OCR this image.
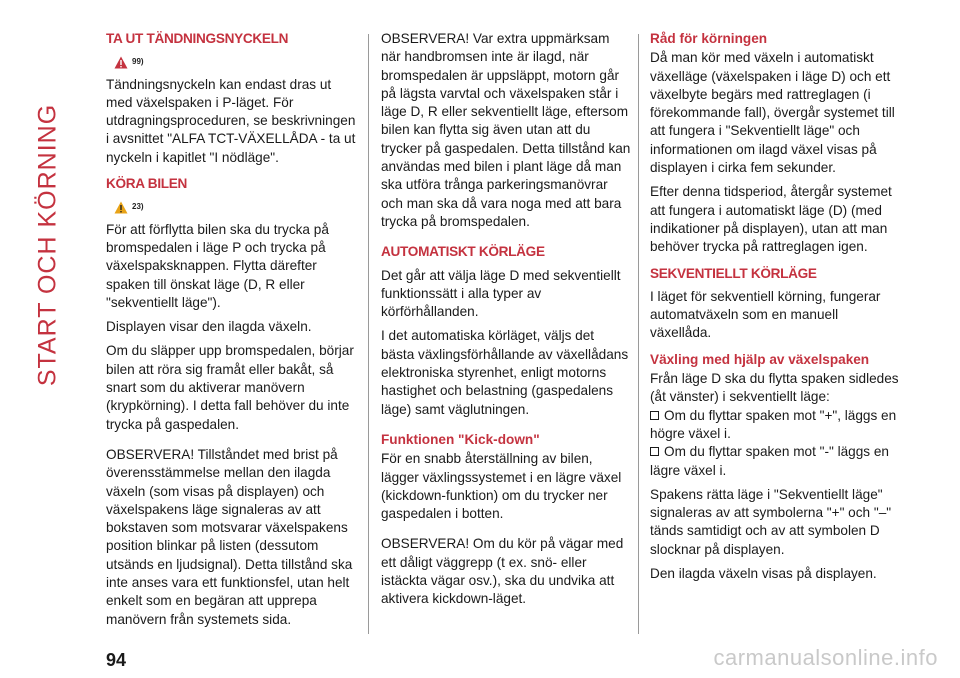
START OCH KÖRNING
TA UT TÄNDNINGSNYCKELN
99)

Tändningsnyckeln kan endast dras ut med växelspaken i P-läget. För utdragningsproceduren, se beskrivningen i avsnittet "ALFA TCT-VÄXELLÅDA - ta ut nyckeln i kapitlet "I nödläge".

KÖRA BILEN
23)

För att förflytta bilen ska du trycka på bromspedalen i läge P och trycka på växelspaksknappen. Flytta därefter spaken till önskat läge (D, R eller "sekventiellt läge").

Displayen visar den ilagda växeln.

Om du släpper upp bromspedalen, börjar bilen att röra sig framåt eller bakåt, så snart som du aktiverar manövern (krypkörning). I detta fall behöver du inte trycka på gaspedalen.

OBSERVERA! Tillståndet med brist på överensstämmelse mellan den ilagda växeln (som visas på displayen) och växelspakens läge signaleras av att bokstaven som motsvarar växelspakens position blinkar på listen (dessutom utsänds en ljudsignal). Detta tillstånd ska inte anses vara ett funktionsfel, utan helt enkelt som en begäran att upprepa manövern från systemets sida.

OBSERVERA! Var extra uppmärksam när handbromsen inte är ilagd, när bromspedalen är uppsläppt, motorn går på lägsta varvtal och växelspaken står i läge D, R eller sekventiellt läge, eftersom bilen kan flytta sig även utan att du trycker på gaspedalen. Detta tillstånd kan användas med bilen i plant läge då man ska utföra trånga parkeringsmanövrar och man ska då vara noga med att bara trycka på bromspedalen.

AUTOMATISKT KÖRLÄGE

Det går att välja läge D med sekventiellt funktionssätt i alla typer av körförhållanden.

I det automatiska körläget, väljs det bästa växlingsförhållande av växellådans elektroniska styrenhet, enligt motorns hastighet och belastning (gaspedalens läge) samt väglutningen.

Funktionen "Kick-down"

För en snabb återställning av bilen, lägger växlingssystemet i en lägre växel (kickdown-funktion) om du trycker ner gaspedalen i botten.

OBSERVERA! Om du kör på vägar med ett dåligt väggrepp (t ex. snö- eller istäckta vägar osv.), ska du undvika att aktivera kickdown-läget.

Råd för körningen

Då man kör med växeln i automatiskt växelläge (växelspaken i läge D) och ett växelbyte begärs med rattreglagen (i förekommande fall), övergår systemet till att fungera i "Sekventiellt läge" och informationen om ilagd växel visas på displayen i cirka fem sekunder.

Efter denna tidsperiod, återgår systemet att fungera i automatiskt läge (D) (med indikationer på displayen), utan att man behöver trycka på rattreglagen igen.

SEKVENTIELLT KÖRLÄGE

I läget för sekventiell körning, fungerar automatväxeln som en manuell växellåda.

Växling med hjälp av växelspaken

Från läge D ska du flytta spaken sidledes (åt vänster) i sekventiellt läge:

Om du flyttar spaken mot "+", läggs en högre växel i.

Om du flyttar spaken mot "-" läggs en lägre växel i.

Spakens rätta läge i "Sekventiellt läge" signaleras av att symbolerna "+" och "–" tänds samtidigt och av att symbolen D slocknar på displayen.

Den ilagda växeln visas på displayen.

94	carmanualsonline.info
